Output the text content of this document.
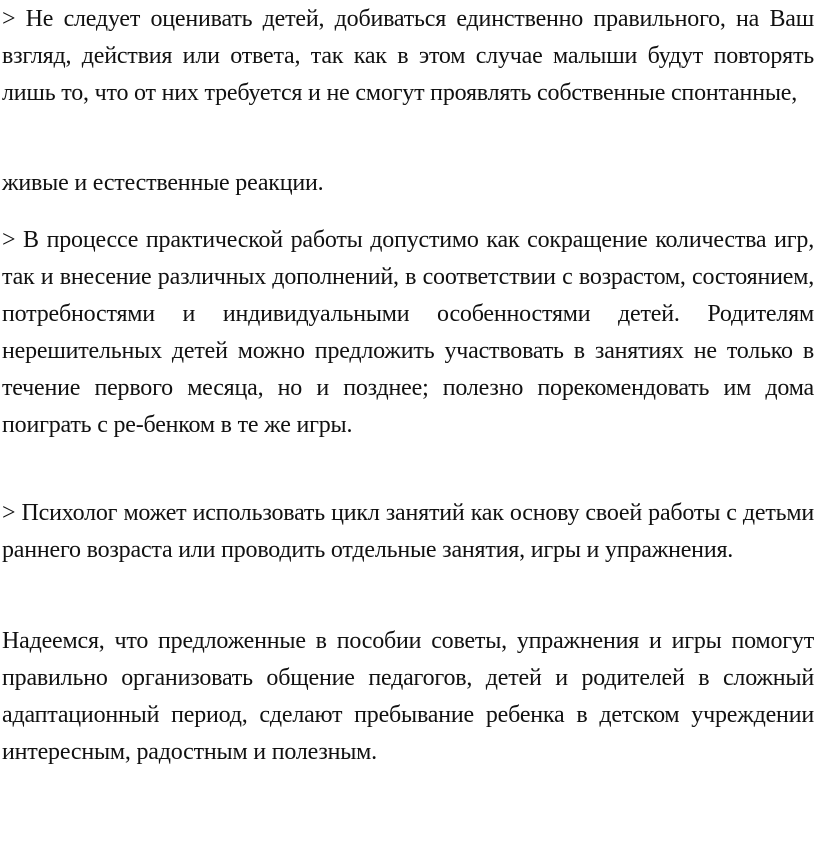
> Не следует оценивать детей, добиваться единственно правильного, на Ваш взгляд, действия или ответа, так как в этом случае малыши будут повторять лишь то, что от них требуется и не смогут проявлять собственные спонтанные,

живые и естественные реакции.

> В процессе практической работы допустимо как сокращение количества игр, так и внесение различных дополнений, в соответствии с возрастом, состоянием, потребностями и индивидуальными особенностями детей. Родителям нерешительных детей можно предложить участвовать в занятиях не только в течение первого месяца, но и позднее; полезно порекомендовать им дома поиграть с ре-бенком в те же игры.

> Психолог может использовать цикл занятий как основу своей работы с детьми раннего возраста или проводить отдельные занятия, игры и упражнения.

Надеемся, что предложенные в пособии советы, упражнения и игры помогут правильно организовать общение педагогов, детей и родителей в сложный адаптационный период, сделают пребывание ребенка в детском учреждении интересным, радостным и полезным.
